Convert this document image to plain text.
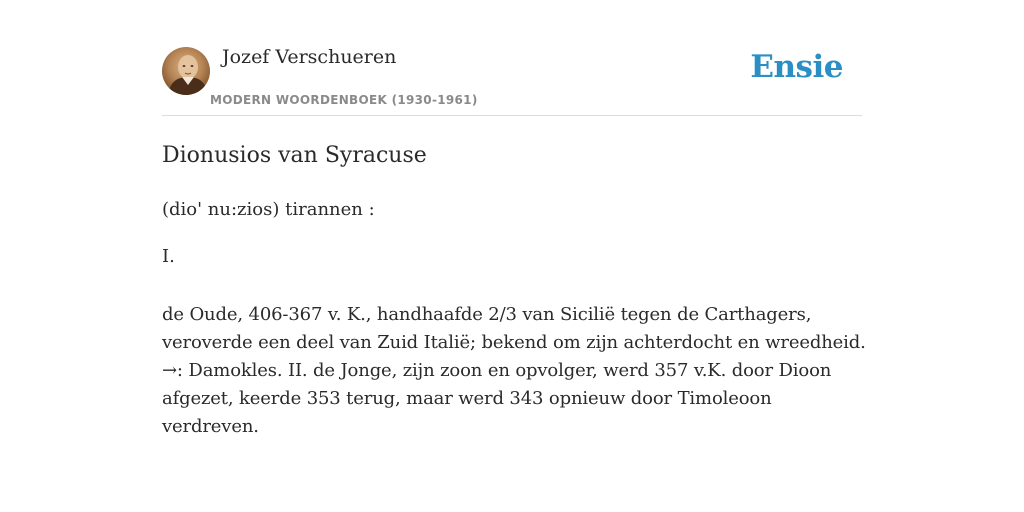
Jozef Verschueren
MODERN WOORDENBOEK (1930-1961)
Ensie
Dionusios van Syracuse
(dio' nu:zios) tirannen :
I.
de Oude, 406-367 v. K., handhaafde 2/3 van Sicilië tegen de Carthagers, veroverde een deel van Zuid Italië; bekend om zijn achterdocht en wreedheid. →: Damokles. II. de Jonge, zijn zoon en opvolger, werd 357 v.K. door Dioon afgezet, keerde 353 terug, maar werd 343 opnieuw door Timoleoon verdreven.
